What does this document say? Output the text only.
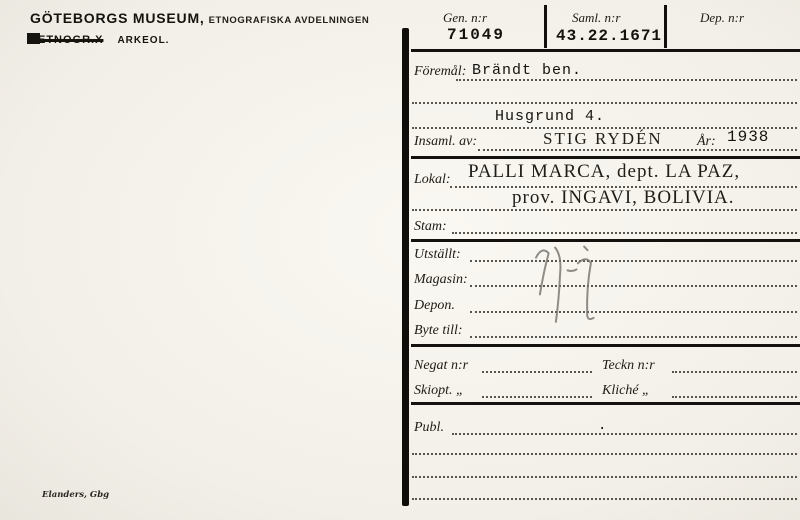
GÖTEBORGS MUSEUM, ETNOGRAFISKA AVDELNINGEN
ETNOGR.X ARKEOL.
Elanders, Gbg
Gen. n:r
71049
Saml. n:r
43.22.1671
Dep. n:r
Föremål: Brändt ben.
Husgrund 4.
Insaml. av:	STIG RYDÉN År: 1938
Lokal: PALLI MARCA, dept. LA PAZ,
prov. INGAVI, BOLIVIA.
Stam:
Utställt:
Magasin:
Depon.
Byte till:
Negat n:r	Teckn n:r
Skiopt. „	Kliché „
Publ.	.
